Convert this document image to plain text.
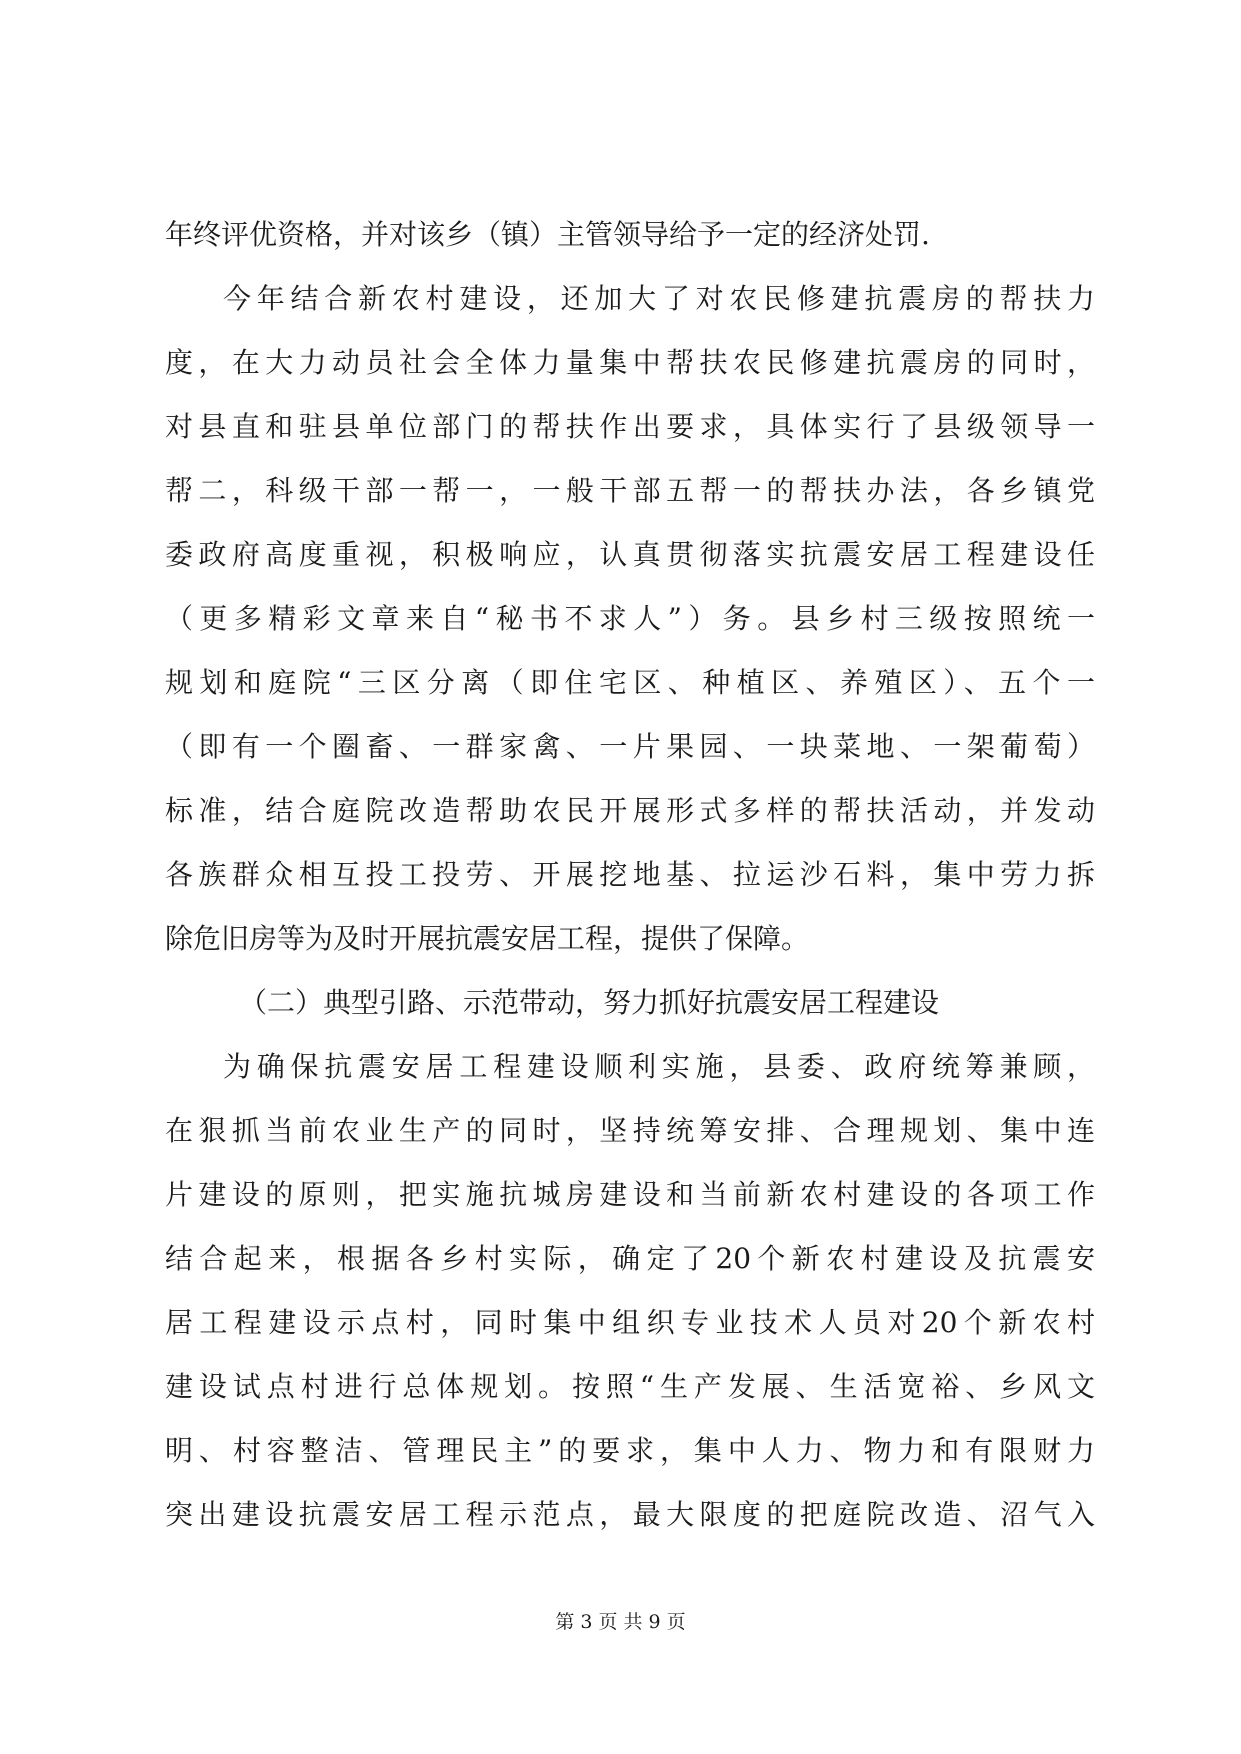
年终评优资格，并对该乡（镇）主管领导给予一定的经济处罚.
今年结合新农村建设，还加大了对农民修建抗震房的帮扶力
度，在大力动员社会全体力量集中帮扶农民修建抗震房的同时，
对县直和驻县单位部门的帮扶作出要求，具体实行了县级领导一
帮二，科级干部一帮一，一般干部五帮一的帮扶办法，各乡镇党
委政府高度重视，积极响应，认真贯彻落实抗震安居工程建设任
（更多精彩文章来自“秘书不求人”）务。县乡村三级按照统一
规划和庭院“三区分离（即住宅区、种植区、养殖区）、五个一
（即有一个圈畜、一群家禽、一片果园、一块菜地、一架葡萄）
标准，结合庭院改造帮助农民开展形式多样的帮扶活动，并发动
各族群众相互投工投劳、开展挖地基、拉运沙石料，集中劳力拆
除危旧房等为及时开展抗震安居工程，提供了保障。
（二）典型引路、示范带动，努力抓好抗震安居工程建设
为确保抗震安居工程建设顺利实施，县委、政府统筹兼顾，
在狠抓当前农业生产的同时，坚持统筹安排、合理规划、集中连
片建设的原则，把实施抗城房建设和当前新农村建设的各项工作
结合起来，根据各乡村实际，确定了20个新农村建设及抗震安
居工程建设示点村，同时集中组织专业技术人员对20个新农村
建设试点村进行总体规划。按照“生产发展、生活宽裕、乡风文
明、村容整洁、管理民主”的要求，集中人力、物力和有限财力
突出建设抗震安居工程示范点，最大限度的把庭院改造、沼气入
第 3 页 共 9 页
